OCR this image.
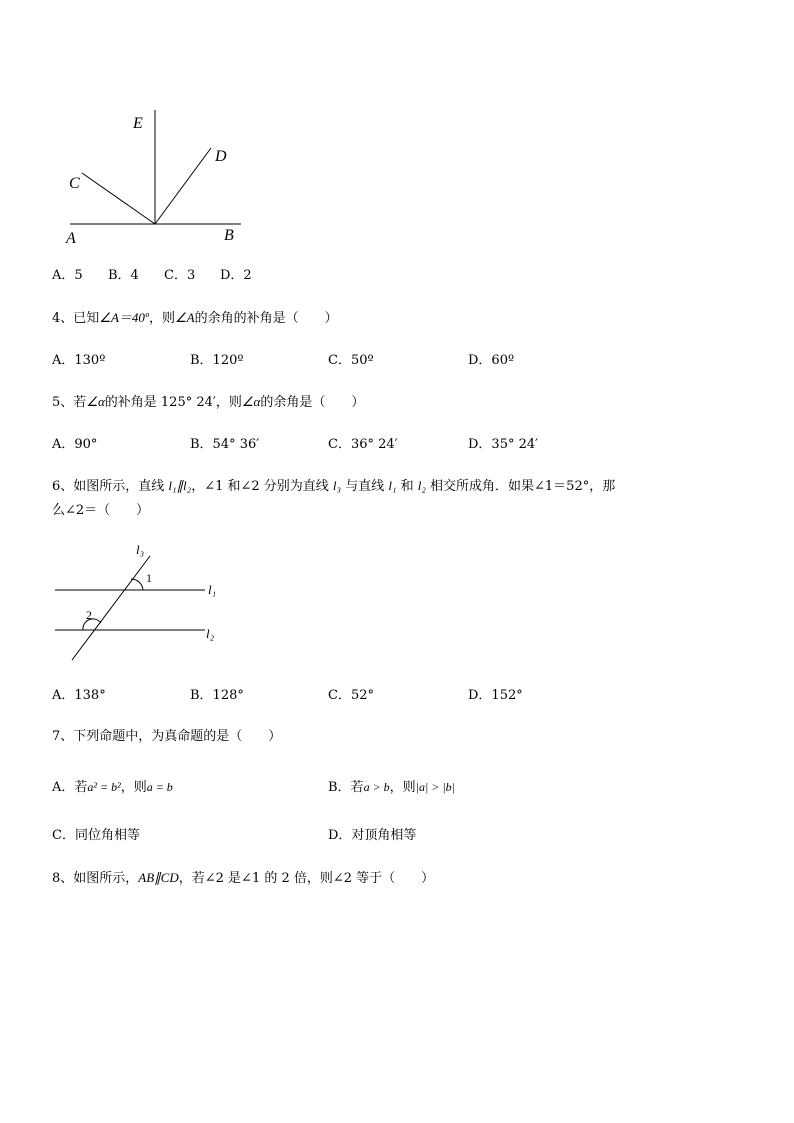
E
D
C
A	B
A．5 B．4 C．3 D．2
4、已知∠A＝40º，则∠A的余角的补角是（　　）
A．130º	B．120º	C．50º	D．60º
5、若∠α的补角是 125° 24′，则∠α的余角是（　　）
A．90°	B．54° 36′	C．36° 24′	D．35° 24′
6、如图所示，直线 l₁∥l₂，∠1 和∠2 分别为直线 l₃ 与直线 l₁ 和 l₂ 相交所成角．如果∠1＝52°，那
么∠2＝（　　）
l₃
1
l₁
2
l₂
A．138°	B．128°	C．52°	D．152°
7、下列命题中，为真命题的是（　　）
A．若a² = b²，则a = b	B．若a > b，则|a| > |b|
C．同位角相等	D．对顶角相等
8、如图所示，AB∥CD，若∠2 是∠1 的 2 倍，则∠2 等于（　　）
